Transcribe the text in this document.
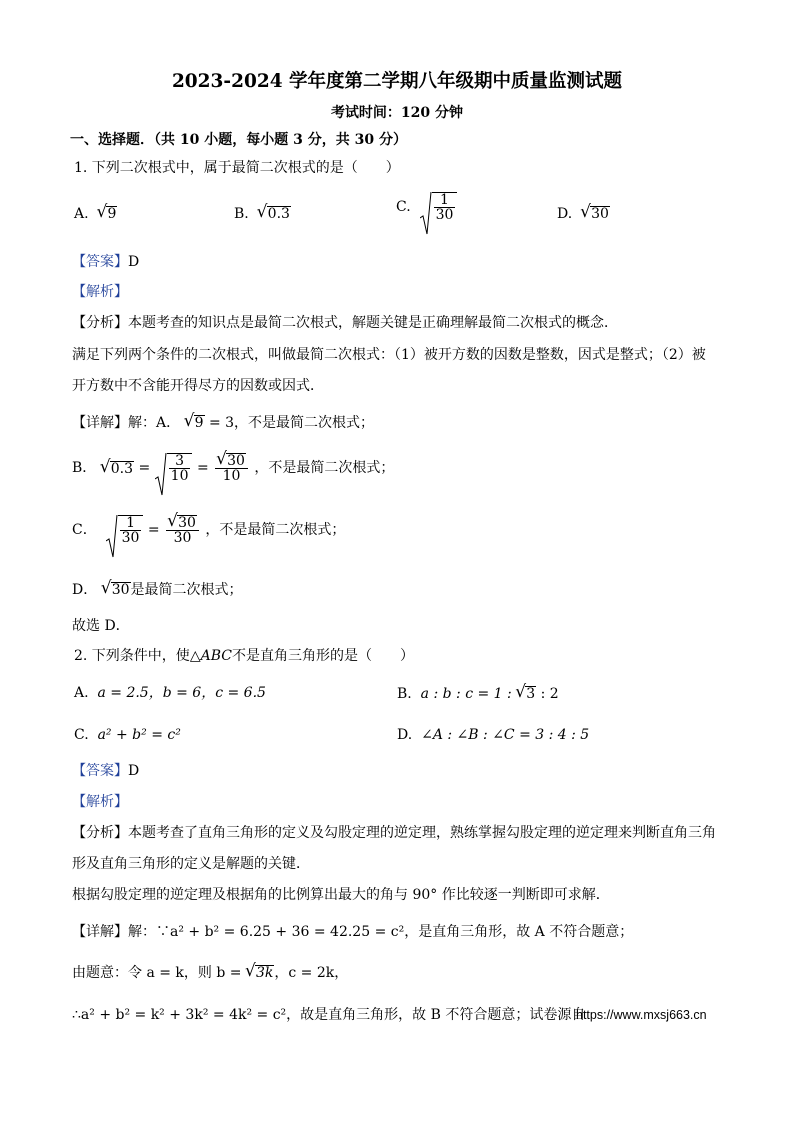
2023-2024 学年度第二学期八年级期中质量监测试题
考试时间：120 分钟
一、选择题．（共 10 小题，每小题 3 分，共 30 分）
1. 下列二次根式中，属于最简二次根式的是（　　）
A. √ 9	B. √ 0.3	C. $\frac{1}{30}$	D. √ 30
【答案】D
【解析】
【分析】本题考查的知识点是最简二次根式，解题关键是正确理解最简二次根式的概念．
满足下列两个条件的二次根式，叫做最简二次根式：（1）被开方数的因数是整数，因式是整式；（2）被
开方数中不含能开得尽方的因数或因式．
【详解】解：A． √ 9 = 3，不是最简二次根式；
B． √ $0.3 = \frac{3}{10}$ = √ $\frac{30}{10}$ ，不是最简二次根式；
C． $\frac{1}{30}$ = √ $\frac{30}{30}$ ，不是最简二次根式；
D． √ 30是最简二次根式；
故选 D．
2. 下列条件中，使△ABC不是直角三角形的是（　　）
A. a = 2.5，b = 6，c = 6.5	B. a : b : c = 1 : √ 3 : 2
C. a² + b² = c²	D. ∠A : ∠B : ∠C = 3 : 4 : 5
【答案】D
【解析】
【分析】本题考查了直角三角形的定义及勾股定理的逆定理，熟练掌握勾股定理的逆定理来判断直角三角
形及直角三角形的定义是解题的关键．
根据勾股定理的逆定理及根据角的比例算出最大的角与 90° 作比较逐一判断即可求解．
【详解】解：∵a² + b² = 6.25 + 36 = 42.25 = c²，是直角三角形，故 A 不符合题意；
由题意：令 a = k，则 b = √ 3k，c = 2k，
∴a² + b² = k² + 3k² = 4k² = c²，故是直角三角形，故 B 不符合题意；试卷源自
https://www.mxsj663.cn
